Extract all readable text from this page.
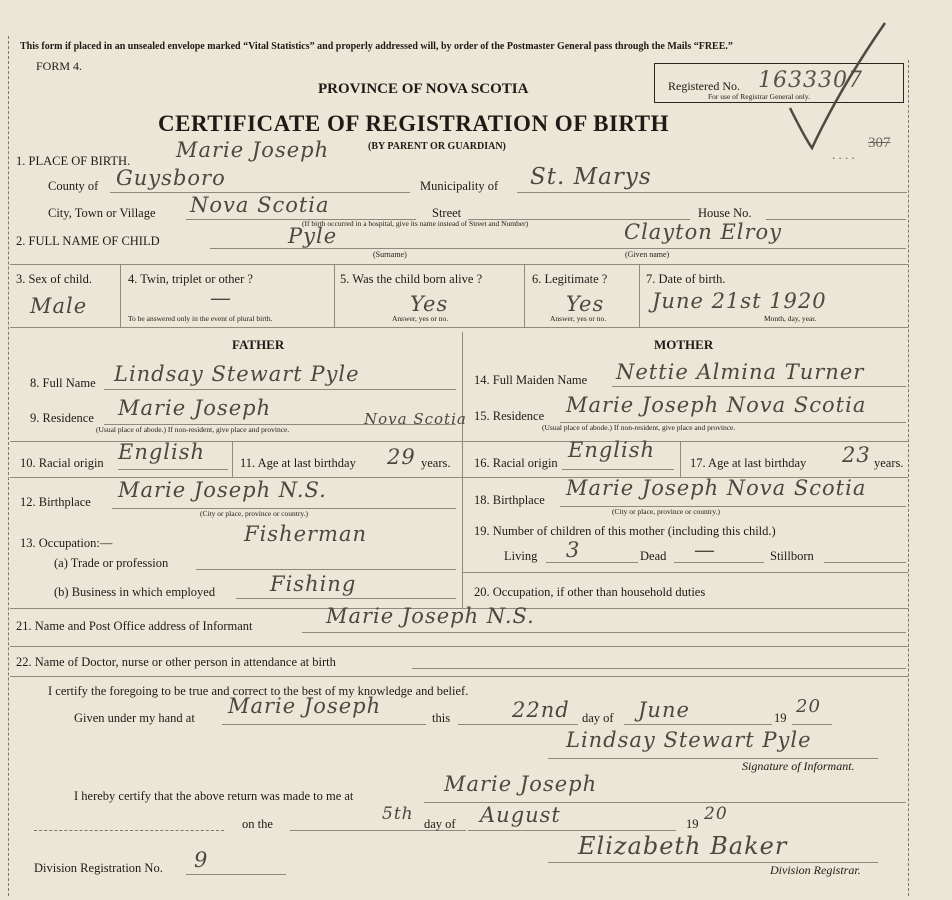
This form if placed in an unsealed envelope marked “Vital Statistics” and properly addressed will, by order of the Postmaster General pass through the Mails “FREE.”
FORM 4.
PROVINCE OF NOVA SCOTIA
CERTIFICATE OF REGISTRATION OF BIRTH
(BY PARENT OR GUARDIAN)
Registered No. 1633307
For use of Registrar General only.
. . . .
307
1. PLACE OF BIRTH. Marie Joseph
County of Guysboro	Municipality of St. Marys
City, Town or Village Nova Scotia	Street	House No.
(If birth occurred in a hospital, give its name instead of Street and Number)
2. FULL NAME OF CHILD	Pyle
(Surname)
Clayton Elroy
(Given name)
3. Sex of child.
Male
4. Twin, triplet or other ?
—
To be answered only in the event of plural birth.
5. Was the child born alive ?
Yes
Answer, yes or no.
6. Legitimate ?
Yes
Answer, yes or no.
7. Date of birth.
June 21st 1920
Month, day, year.
FATHER	MOTHER
8. Full Name Lindsay Stewart Pyle
9. Residence Marie Joseph	Nova Scotia
(Usual place of abode.) If non-resident, give place and province.
10. Racial origin English	11. Age at last birthday 29 years.
12. Birthplace Marie Joseph N.S.
(City or place, province or country.)
13. Occupation:—	Fisherman
(a) Trade or profession
(b) Business in which employed	Fishing
14. Full Maiden Name Nettie Almina Turner
15. Residence Marie Joseph Nova Scotia
(Usual place of abode.) If non-resident, give place and province.
16. Racial origin
English
17. Age at last birthday 23 years.
18. Birthplace Marie Joseph Nova Scotia
(City or place, province or country.)
19. Number of children of this mother (including this child.)
Living 3	Dead —	Stillborn
20. Occupation, if other than household duties
21. Name and Post Office address of Informant	Marie Joseph N.S.
22. Name of Doctor, nurse or other person in attendance at birth
I certify the foregoing to be true and correct to the best of my knowledge and belief.
Given under my hand at Marie Joseph	this	22nd day of June	19
20
Lindsay Stewart Pyle
Signature of Informant.
I hereby certify that the above return was made to me at	Marie Joseph
on the	5th day of August	19 20
Elizabeth Baker
Division Registrar.
Division Registration No. 9
